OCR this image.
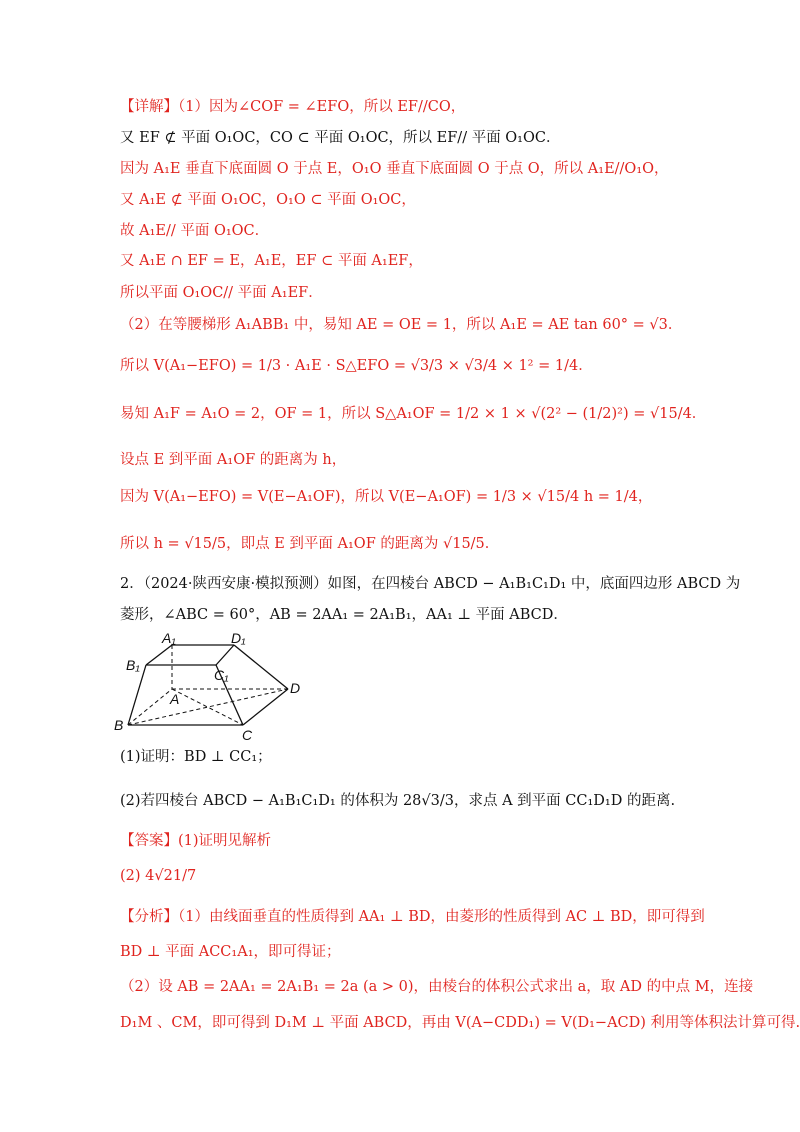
【详解】（1）因为∠COF = ∠EFO，所以 EF//CO，
又 EF ⊄ 平面 O₁OC，CO ⊂ 平面 O₁OC，所以 EF// 平面 O₁OC．
因为 A₁E 垂直下底面圆 O 于点 E，O₁O 垂直下底面圆 O 于点 O，所以 A₁E//O₁O，
又 A₁E ⊄ 平面 O₁OC，O₁O ⊂ 平面 O₁OC，
故 A₁E// 平面 O₁OC．
又 A₁E ∩ EF = E，A₁E，EF ⊂ 平面 A₁EF，
所以平面 O₁OC// 平面 A₁EF．
（2）在等腰梯形 A₁ABB₁ 中，易知 AE = OE = 1，所以 A₁E = AE tan 60° = √3．
所以 V(A₁−EFO) = 1/3 · A₁E · S△EFO = √3/3 × √3/4 × 1² = 1/4．
易知 A₁F = A₁O = 2，OF = 1，所以 S△A₁OF = 1/2 × 1 × √(2² − (1/2)²) = √15/4．
设点 E 到平面 A₁OF 的距离为 h，
因为 V(A₁−EFO) = V(E−A₁OF)，所以 V(E−A₁OF) = 1/3 × √15/4 h = 1/4，
所以 h = √15/5，即点 E 到平面 A₁OF 的距离为 √15/5．
2．（2024·陕西安康·模拟预测）如图，在四棱台 ABCD − A₁B₁C₁D₁ 中，底面四边形 ABCD 为
菱形，∠ABC = 60°，AB = 2AA₁ = 2A₁B₁，AA₁ ⊥ 平面 ABCD．
(1)证明：BD ⊥ CC₁；
(2)若四棱台 ABCD − A₁B₁C₁D₁ 的体积为 28√3/3，求点 A 到平面 CC₁D₁D 的距离.
【答案】(1)证明见解析
(2) 4√21/7
【分析】（1）由线面垂直的性质得到 AA₁ ⊥ BD，由菱形的性质得到 AC ⊥ BD，即可得到
BD ⊥ 平面 ACC₁A₁，即可得证；
（2）设 AB = 2AA₁ = 2A₁B₁ = 2a (a > 0)，由棱台的体积公式求出 a，取 AD 的中点 M，连接
D₁M 、CM，即可得到 D₁M ⊥ 平面 ABCD，再由 V(A−CDD₁) = V(D₁−ACD) 利用等体积法计算可得.
A₁	D₁
B₁
C₁
A
B
C
D
